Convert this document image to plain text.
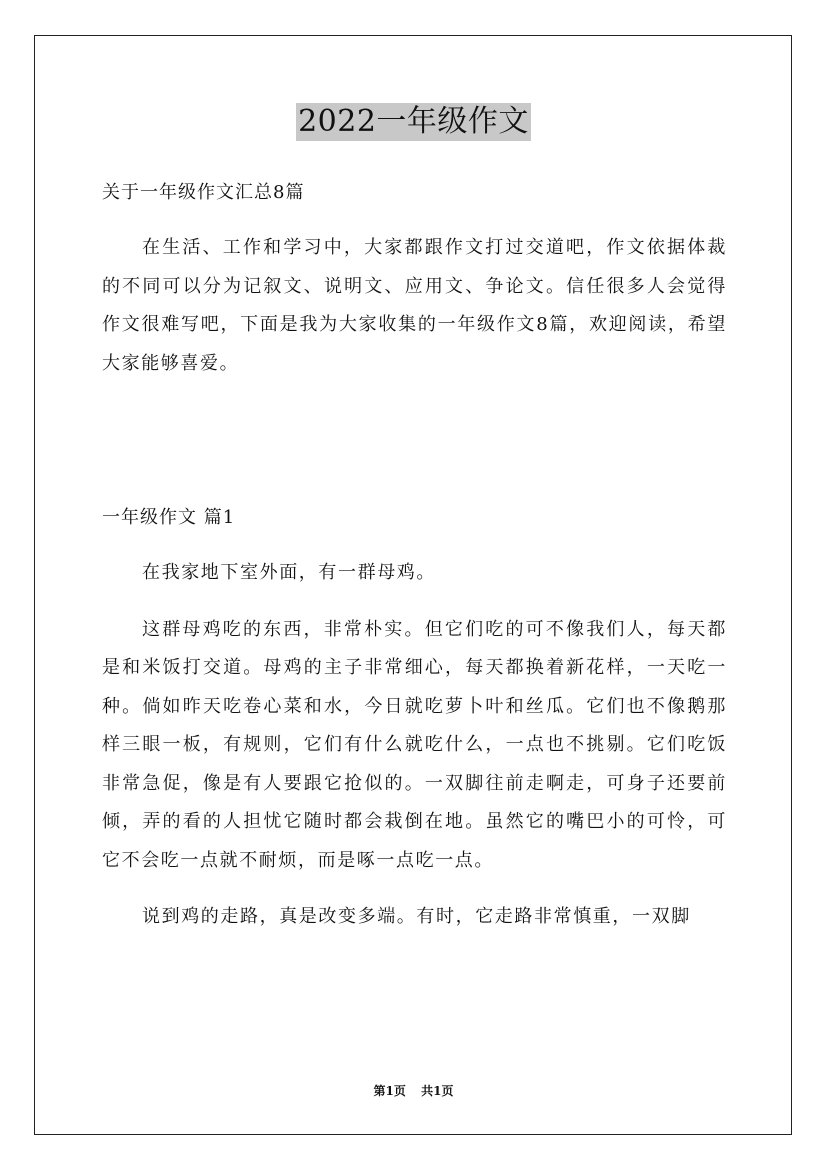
2022一年级作文
关于一年级作文汇总8篇

在生活、工作和学习中，大家都跟作文打过交道吧，作文依据体裁的不同可以分为记叙文、说明文、应用文、争论文。信任很多人会觉得作文很难写吧，下面是我为大家收集的一年级作文8篇，欢迎阅读，希望大家能够喜爱。

一年级作文 篇1

在我家地下室外面，有一群母鸡。

这群母鸡吃的东西，非常朴实。但它们吃的可不像我们人，每天都是和米饭打交道。母鸡的主子非常细心，每天都换着新花样，一天吃一种。倘如昨天吃卷心菜和水，今日就吃萝卜叶和丝瓜。它们也不像鹅那样三眼一板，有规则，它们有什么就吃什么，一点也不挑剔。它们吃饭非常急促，像是有人要跟它抢似的。一双脚往前走啊走，可身子还要前倾，弄的看的人担忧它随时都会栽倒在地。虽然它的嘴巴小的可怜，可它不会吃一点就不耐烦，而是啄一点吃一点。

说到鸡的走路，真是改变多端。有时，它走路非常慎重，一双脚

第1页 共1页
